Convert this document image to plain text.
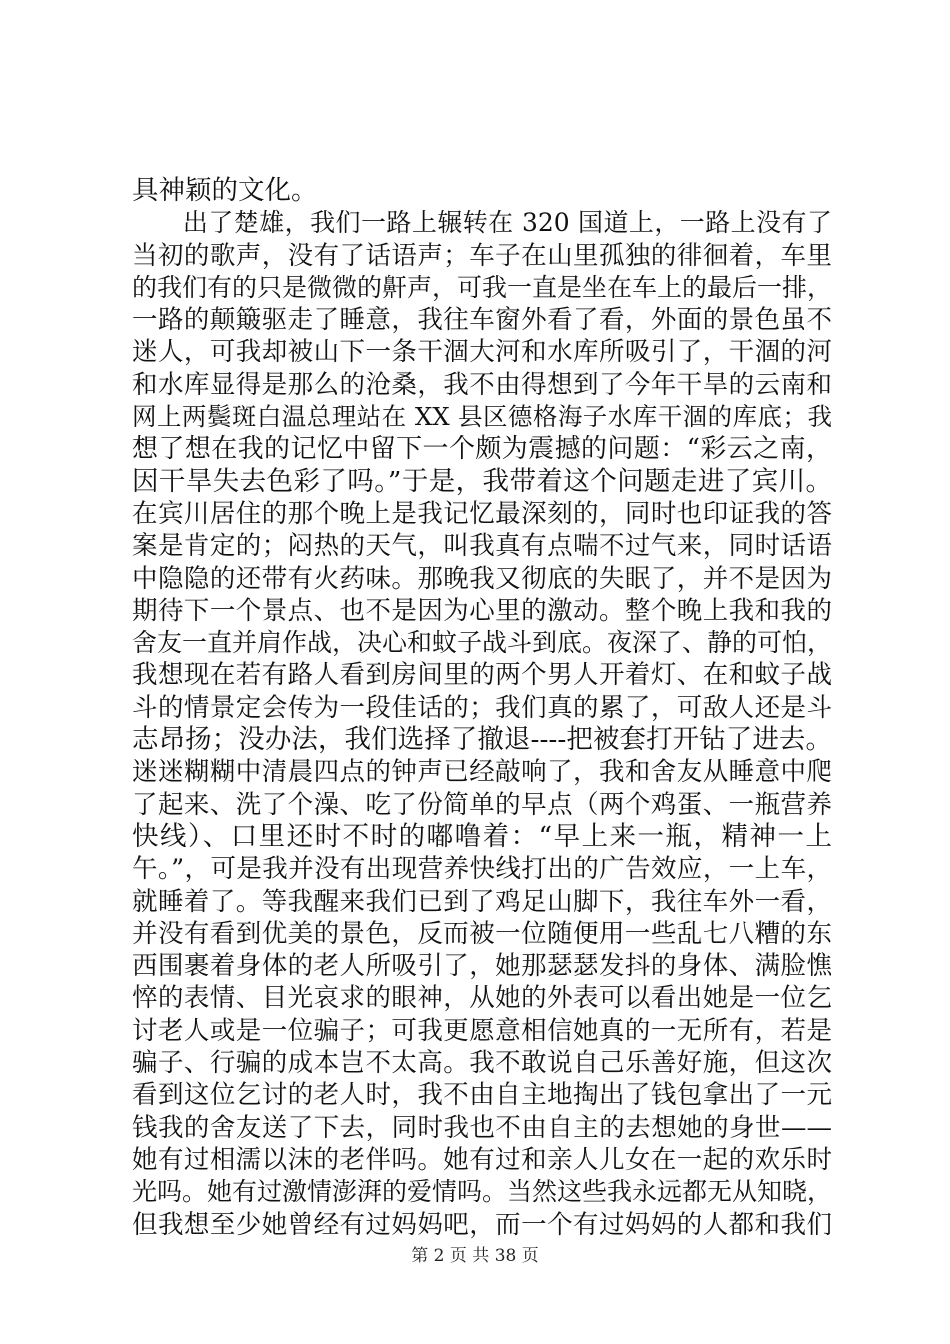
具神颖的文化。
　　出了楚雄，我们一路上辗转在 320 国道上，一路上没有了
当初的歌声，没有了话语声；车子在山里孤独的徘徊着，车里
的我们有的只是微微的鼾声，可我一直是坐在车上的最后一排，
一路的颠簸驱走了睡意，我往车窗外看了看，外面的景色虽不
迷人，可我却被山下一条干涸大河和水库所吸引了，干涸的河
和水库显得是那么的沧桑，我不由得想到了今年干旱的云南和
网上两鬓斑白温总理站在 XX 县区德格海子水库干涸的库底；我
想了想在我的记忆中留下一个颇为震撼的问题：“彩云之南，
因干旱失去色彩了吗。”于是，我带着这个问题走进了宾川。
在宾川居住的那个晚上是我记忆最深刻的，同时也印证我的答
案是肯定的；闷热的天气，叫我真有点喘不过气来，同时话语
中隐隐的还带有火药味。那晚我又彻底的失眠了，并不是因为
期待下一个景点、也不是因为心里的激动。整个晚上我和我的
舍友一直并肩作战，决心和蚊子战斗到底。夜深了、静的可怕，
我想现在若有路人看到房间里的两个男人开着灯、在和蚊子战
斗的情景定会传为一段佳话的；我们真的累了，可敌人还是斗
志昂扬；没办法，我们选择了撤退----把被套打开钻了进去。
迷迷糊糊中清晨四点的钟声已经敲响了，我和舍友从睡意中爬
了起来、洗了个澡、吃了份简单的早点（两个鸡蛋、一瓶营养
快线）、口里还时不时的嘟噜着：“早上来一瓶，精神一上
午。”，可是我并没有出现营养快线打出的广告效应，一上车，
就睡着了。等我醒来我们已到了鸡足山脚下，我往车外一看，
并没有看到优美的景色，反而被一位随便用一些乱七八糟的东
西围裹着身体的老人所吸引了，她那瑟瑟发抖的身体、满脸憔
悴的表情、目光哀求的眼神，从她的外表可以看出她是一位乞
讨老人或是一位骗子；可我更愿意相信她真的一无所有，若是
骗子、行骗的成本岂不太高。我不敢说自己乐善好施，但这次
看到这位乞讨的老人时，我不由自主地掏出了钱包拿出了一元
钱我的舍友送了下去，同时我也不由自主的去想她的身世——
她有过相濡以沫的老伴吗。她有过和亲人儿女在一起的欢乐时
光吗。她有过激情澎湃的爱情吗。当然这些我永远都无从知晓，
但我想至少她曾经有过妈妈吧，而一个有过妈妈的人都和我们
第 2 页 共 38 页
